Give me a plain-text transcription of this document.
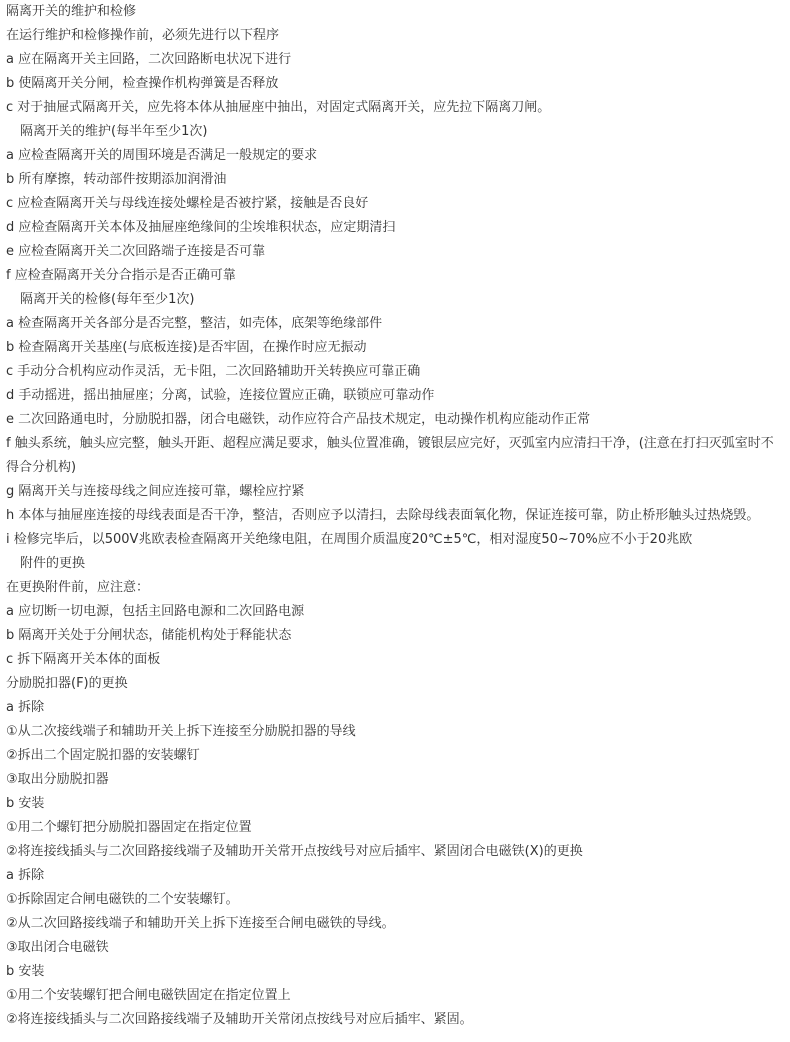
隔离开关的维护和检修
在运行维护和检修操作前，必须先进行以下程序
a 应在隔离开关主回路，二次回路断电状况下进行
b 使隔离开关分闸，检查操作机构弹簧是否释放
c 对于抽屉式隔离开关，应先将本体从抽屉座中抽出，对固定式隔离开关，应先拉下隔离刀闸。
隔离开关的维护(每半年至少1次)
a 应检查隔离开关的周围环境是否满足一般规定的要求
b 所有摩擦，转动部件按期添加润滑油
c 应检查隔离开关与母线连接处螺栓是否被拧紧，接触是否良好
d 应检查隔离开关本体及抽屉座绝缘间的尘埃堆积状态，应定期清扫
e 应检查隔离开关二次回路端子连接是否可靠
f 应检查隔离开关分合指示是否正确可靠
隔离开关的检修(每年至少1次)
a 检查隔离开关各部分是否完整，整洁，如壳体，底架等绝缘部件
b 检查隔离开关基座(与底板连接)是否牢固，在操作时应无振动
c 手动分合机构应动作灵活，无卡阻，二次回路辅助开关转换应可靠正确
d 手动摇进，摇出抽屉座；分离，试验，连接位置应正确，联锁应可靠动作
e 二次回路通电时，分励脱扣器，闭合电磁铁，动作应符合产品技术规定，电动操作机构应能动作正常
f 触头系统，触头应完整，触头开距、超程应满足要求，触头位置准确，镀银层应完好，灭弧室内应清扫干净，(注意在打扫灭弧室时不得合分机构)
g 隔离开关与连接母线之间应连接可靠，螺栓应拧紧
h 本体与抽屉座连接的母线表面是否干净，整洁，否则应予以清扫，去除母线表面氧化物，保证连接可靠，防止桥形触头过热烧毁。
i 检修完毕后，以500V兆欧表检查隔离开关绝缘电阻，在周围介质温度20℃±5℃，相对湿度50~70%应不小于20兆欧
附件的更换
在更换附件前，应注意：
a 应切断一切电源，包括主回路电源和二次回路电源
b 隔离开关处于分闸状态，储能机构处于释能状态
c 拆下隔离开关本体的面板
分励脱扣器(F)的更换
a 拆除
①从二次接线端子和辅助开关上拆下连接至分励脱扣器的导线
②拆出二个固定脱扣器的安装螺钉
③取出分励脱扣器
b 安装
①用二个螺钉把分励脱扣器固定在指定位置
②将连接线插头与二次回路接线端子及辅助开关常开点按线号对应后插牢、紧固闭合电磁铁(X)的更换
a 拆除
①拆除固定合闸电磁铁的二个安装螺钉。
②从二次回路接线端子和辅助开关上拆下连接至合闸电磁铁的导线。
③取出闭合电磁铁
b 安装
①用二个安装螺钉把合闸电磁铁固定在指定位置上
②将连接线插头与二次回路接线端子及辅助开关常闭点按线号对应后插牢、紧固。
